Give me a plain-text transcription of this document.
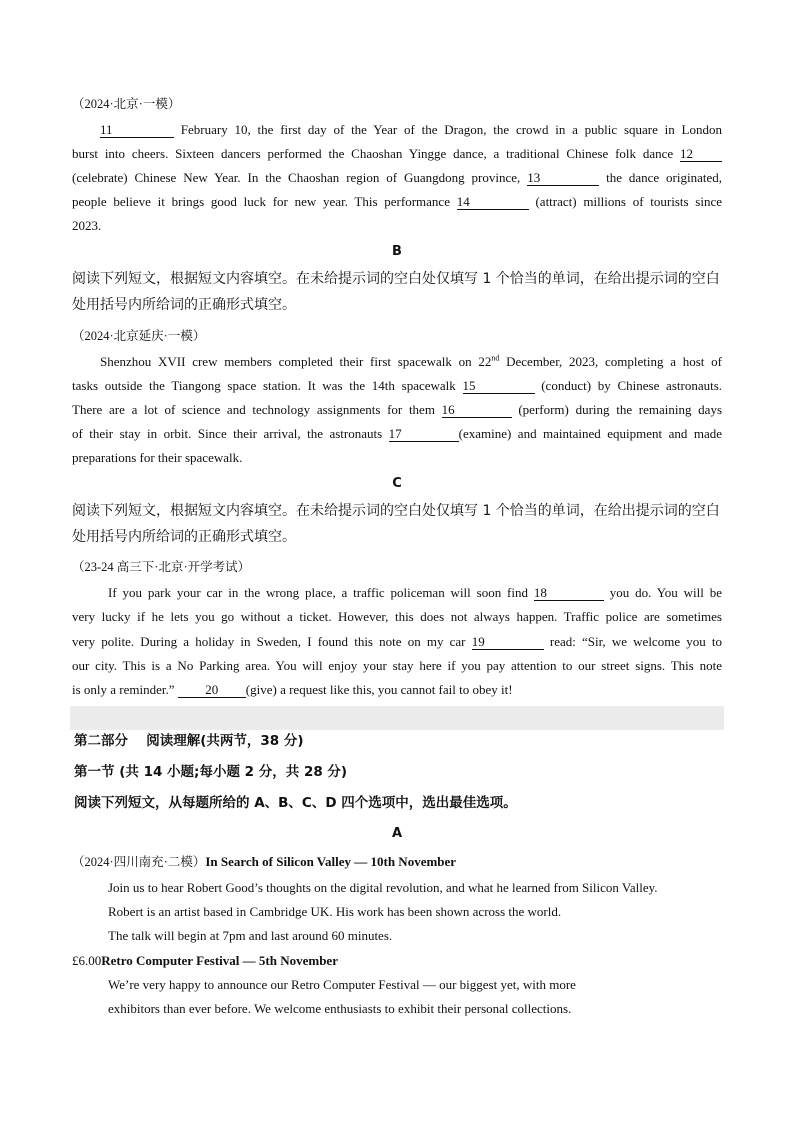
（2024·北京·一模）
11	February 10, the first day of the Year of the Dragon, the crowd in a public square in London
burst into cheers. Sixteen dancers performed the Chaoshan Yingge dance, a traditional Chinese folk dance 12
(celebrate) Chinese New Year. In the Chaoshan region of Guangdong province, 13	the dance originated,
people believe it brings good luck for new year. This performance 14	(attract) millions of tourists since
2023.
B
阅读下列短文，根据短文内容填空。在未给提示词的空白处仅填写 1 个恰当的单词，在给出提示词的空白
处用括号内所给词的正确形式填空。
（2024·北京延庆·一模）
Shenzhou XVII crew members completed their first spacewalk on 22nd December, 2023, completing a host of
tasks outside the Tiangong space station. It was the 14th spacewalk 15	(conduct) by Chinese astronauts.
There are a lot of science and technology assignments for them 16	(perform) during the remaining days
of their stay in orbit. Since their arrival, the astronauts 17	(examine) and maintained equipment and made
preparations for their spacewalk.
C
阅读下列短文，根据短文内容填空。在未给提示词的空白处仅填写 1 个恰当的单词，在给出提示词的空白
处用括号内所给词的正确形式填空。
（23-24 高三下·北京·开学考试）
If you park your car in the wrong place, a traffic policeman will soon find 18	you do. You will be
very lucky if he lets you go without a ticket. However, this does not always happen. Traffic police are sometimes
very polite. During a holiday in Sweden, I found this note on my car 19	read: “Sir, we welcome you to
our city. This is a No Parking area. You will enjoy your stay here if you pay attention to our street signs. This note
is only a reminder.” 20 (give) a request like this, you cannot fail to obey it!
第二部分　 阅读理解(共两节，38 分)
第一节 (共 14 小题;每小题 2 分，共 28 分)
阅读下列短文，从每题所给的 A、B、C、D 四个选项中，选出最佳选项。
A
（2024·四川南充·二模）In Search of Silicon Valley — 10th November
Join us to hear Robert Good’s thoughts on the digital revolution, and what he learned from Silicon Valley.
Robert is an artist based in Cambridge UK. His work has been shown across the world.
The talk will begin at 7pm and last around 60 minutes.
£6.00Retro Computer Festival — 5th November
We’re very happy to announce our Retro Computer Festival — our biggest yet, with more
exhibitors than ever before. We welcome enthusiasts to exhibit their personal collections.
